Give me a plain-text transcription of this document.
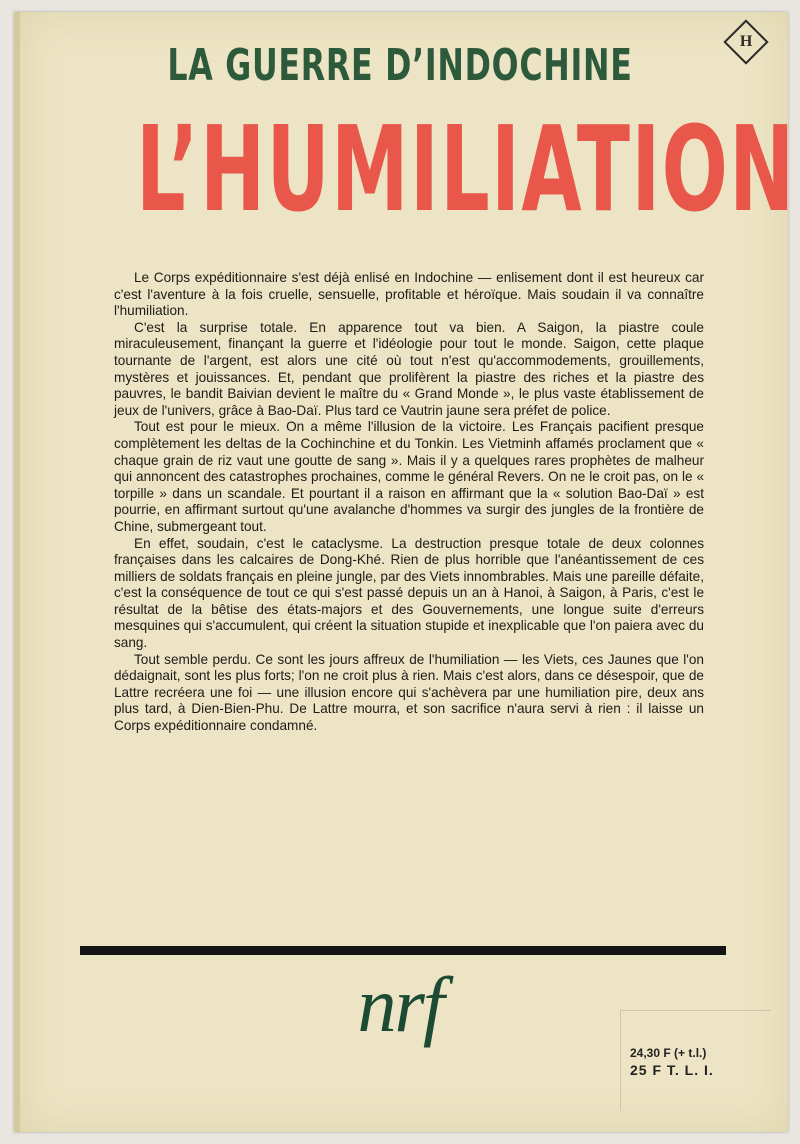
H
LA GUERRE D’INDOCHINE
L’HUMILIATION

Le Corps expéditionnaire s'est déjà enlisé en Indochine — enlisement dont il est heureux car c'est l'aventure à la fois cruelle, sensuelle, profitable et héroïque. Mais soudain il va connaître l'humiliation.

C'est la surprise totale. En apparence tout va bien. A Saigon, la piastre coule miraculeusement, finançant la guerre et l'idéologie pour tout le monde. Saigon, cette plaque tournante de l'argent, est alors une cité où tout n'est qu'accommodements, grouillements, mystères et jouissances. Et, pendant que prolifèrent la piastre des riches et la piastre des pauvres, le bandit Baivian devient le maître du « Grand Monde », le plus vaste établissement de jeux de l'univers, grâce à Bao-Daï. Plus tard ce Vautrin jaune sera préfet de police.

Tout est pour le mieux. On a même l'illusion de la victoire. Les Français pacifient presque complètement les deltas de la Cochinchine et du Tonkin. Les Vietminh affamés proclament que « chaque grain de riz vaut une goutte de sang ». Mais il y a quelques rares prophètes de malheur qui annoncent des catastrophes prochaines, comme le général Revers. On ne le croit pas, on le « torpille » dans un scandale. Et pourtant il a raison en affirmant que la « solution Bao-Daï » est pourrie, en affirmant surtout qu'une avalanche d'hommes va surgir des jungles de la frontière de Chine, submergeant tout.

En effet, soudain, c'est le cataclysme. La destruction presque totale de deux colonnes françaises dans les calcaires de Dong-Khé. Rien de plus horrible que l'anéantissement de ces milliers de soldats français en pleine jungle, par des Viets innombrables. Mais une pareille défaite, c'est la conséquence de tout ce qui s'est passé depuis un an à Hanoi, à Saigon, à Paris, c'est le résultat de la bêtise des états-majors et des Gouvernements, une longue suite d'erreurs mesquines qui s'accumulent, qui créent la situation stupide et inexplicable que l'on paiera avec du sang.

Tout semble perdu. Ce sont les jours affreux de l'humiliation — les Viets, ces Jaunes que l'on dédaignait, sont les plus forts; l'on ne croit plus à rien. Mais c'est alors, dans ce désespoir, que de Lattre recréera une foi — une illusion encore qui s'achèvera par une humiliation pire, deux ans plus tard, à Dien-Bien-Phu. De Lattre mourra, et son sacrifice n'aura servi à rien : il laisse un Corps expéditionnaire condamné.

nrf
24,30 F (+ t.l.)
25 F T. L. I.
